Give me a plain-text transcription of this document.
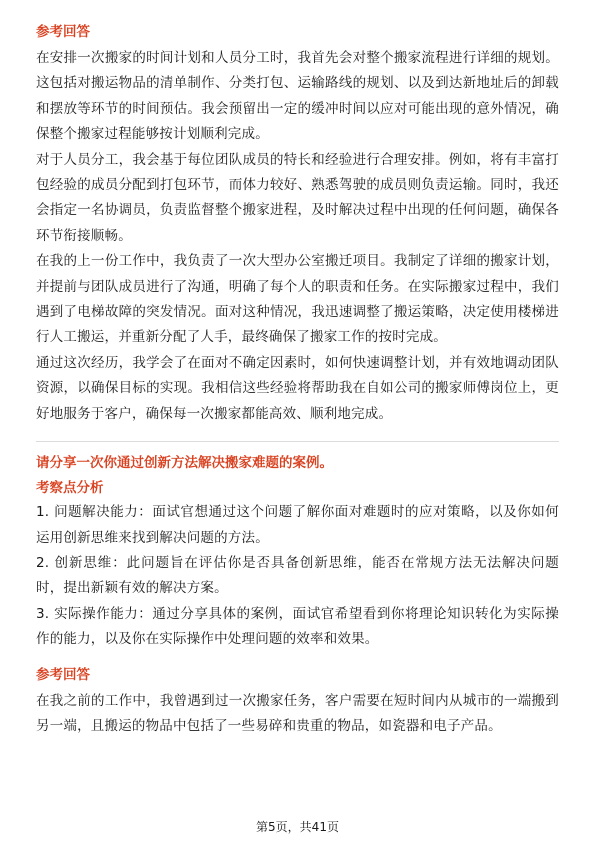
参考回答

在安排一次搬家的时间计划和人员分工时，我首先会对整个搬家流程进行详细的规划。这包括对搬运物品的清单制作、分类打包、运输路线的规划、以及到达新地址后的卸载和摆放等环节的时间预估。我会预留出一定的缓冲时间以应对可能出现的意外情况，确保整个搬家过程能够按计划顺利完成。

对于人员分工，我会基于每位团队成员的特长和经验进行合理安排。例如，将有丰富打包经验的成员分配到打包环节，而体力较好、熟悉驾驶的成员则负责运输。同时，我还会指定一名协调员，负责监督整个搬家进程，及时解决过程中出现的任何问题，确保各环节衔接顺畅。

在我的上一份工作中，我负责了一次大型办公室搬迁项目。我制定了详细的搬家计划，并提前与团队成员进行了沟通，明确了每个人的职责和任务。在实际搬家过程中，我们遇到了电梯故障的突发情况。面对这种情况，我迅速调整了搬运策略，决定使用楼梯进行人工搬运，并重新分配了人手，最终确保了搬家工作的按时完成。

通过这次经历，我学会了在面对不确定因素时，如何快速调整计划，并有效地调动团队资源，以确保目标的实现。我相信这些经验将帮助我在自如公司的搬家师傅岗位上，更好地服务于客户，确保每一次搬家都能高效、顺利地完成。

请分享一次你通过创新方法解决搬家难题的案例。

考察点分析

1. 问题解决能力：面试官想通过这个问题了解你面对难题时的应对策略，以及你如何运用创新思维来找到解决问题的方法。

2. 创新思维：此问题旨在评估你是否具备创新思维，能否在常规方法无法解决问题时，提出新颖有效的解决方案。

3. 实际操作能力：通过分享具体的案例，面试官希望看到你将理论知识转化为实际操作的能力，以及你在实际操作中处理问题的效率和效果。

参考回答

在我之前的工作中，我曾遇到过一次搬家任务，客户需要在短时间内从城市的一端搬到另一端，且搬运的物品中包括了一些易碎和贵重的物品，如瓷器和电子产品。

第5页，共41页
